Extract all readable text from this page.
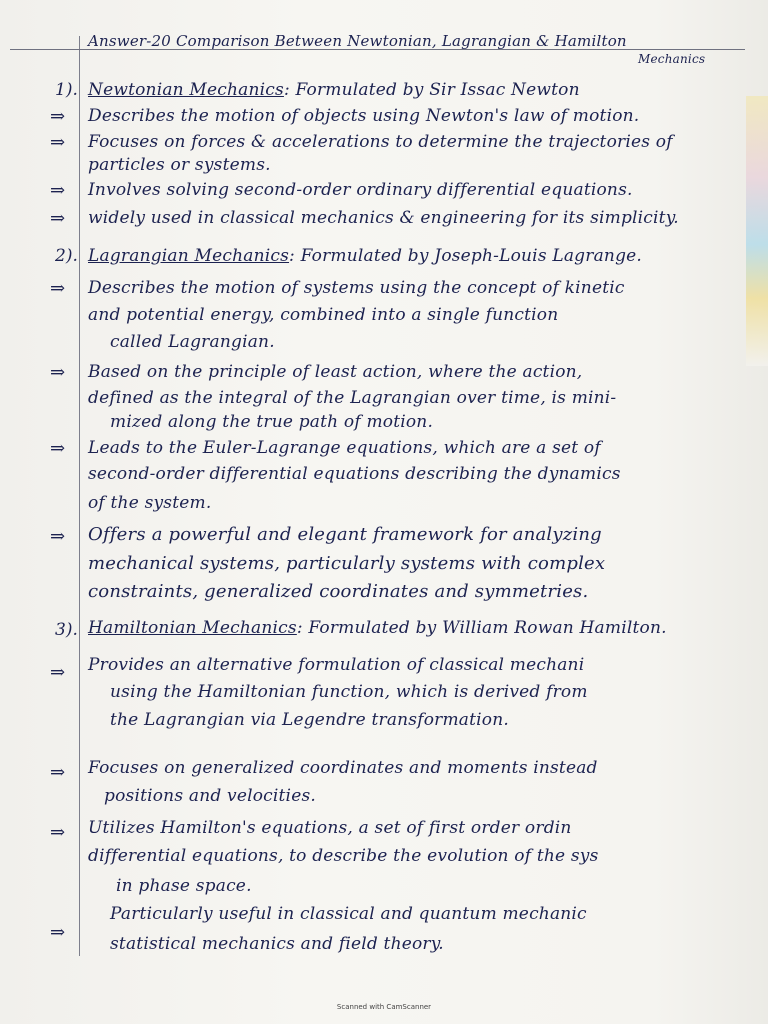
Answer-20 Comparison Between Newtonian, Lagrangian & Hamilton
Mechanics
1). Newtonian Mechanics: Formulated by Sir Issac Newton
⇒ Describes the motion of objects using Newton's law of motion.
⇒ Focuses on forces & accelerations to determine the trajectories of
particles or systems.
⇒ Involves solving second-order ordinary differential equations.
⇒ widely used in classical mechanics & engineering for its simplicity.
2). Lagrangian Mechanics: Formulated by Joseph-Louis Lagrange.
⇒ Describes the motion of systems using the concept of kinetic
and potential energy, combined into a single function
called Lagrangian.
⇒ Based on the principle of least action, where the action,
defined as the integral of the Lagrangian over time, is mini-
mized along the true path of motion.
⇒ Leads to the Euler-Lagrange equations, which are a set of
second-order differential equations describing the dynamics
of the system.
⇒ Offers a powerful and elegant framework for analyzing
mechanical systems, particularly systems with complex
constraints, generalized coordinates and symmetries.
3). Hamiltonian Mechanics: Formulated by William Rowan Hamilton.
⇒ Provides an alternative formulation of classical mechani
using the Hamiltonian function, which is derived from
the Lagrangian via Legendre transformation.
⇒ Focuses on generalized coordinates and moments instead
positions and velocities.
⇒ Utilizes Hamilton's equations, a set of first order ordin
differential equations, to describe the evolution of the sys
in phase space.
⇒
Particularly useful in classical and quantum mechanic
statistical mechanics and field theory.
Scanned with CamScanner
